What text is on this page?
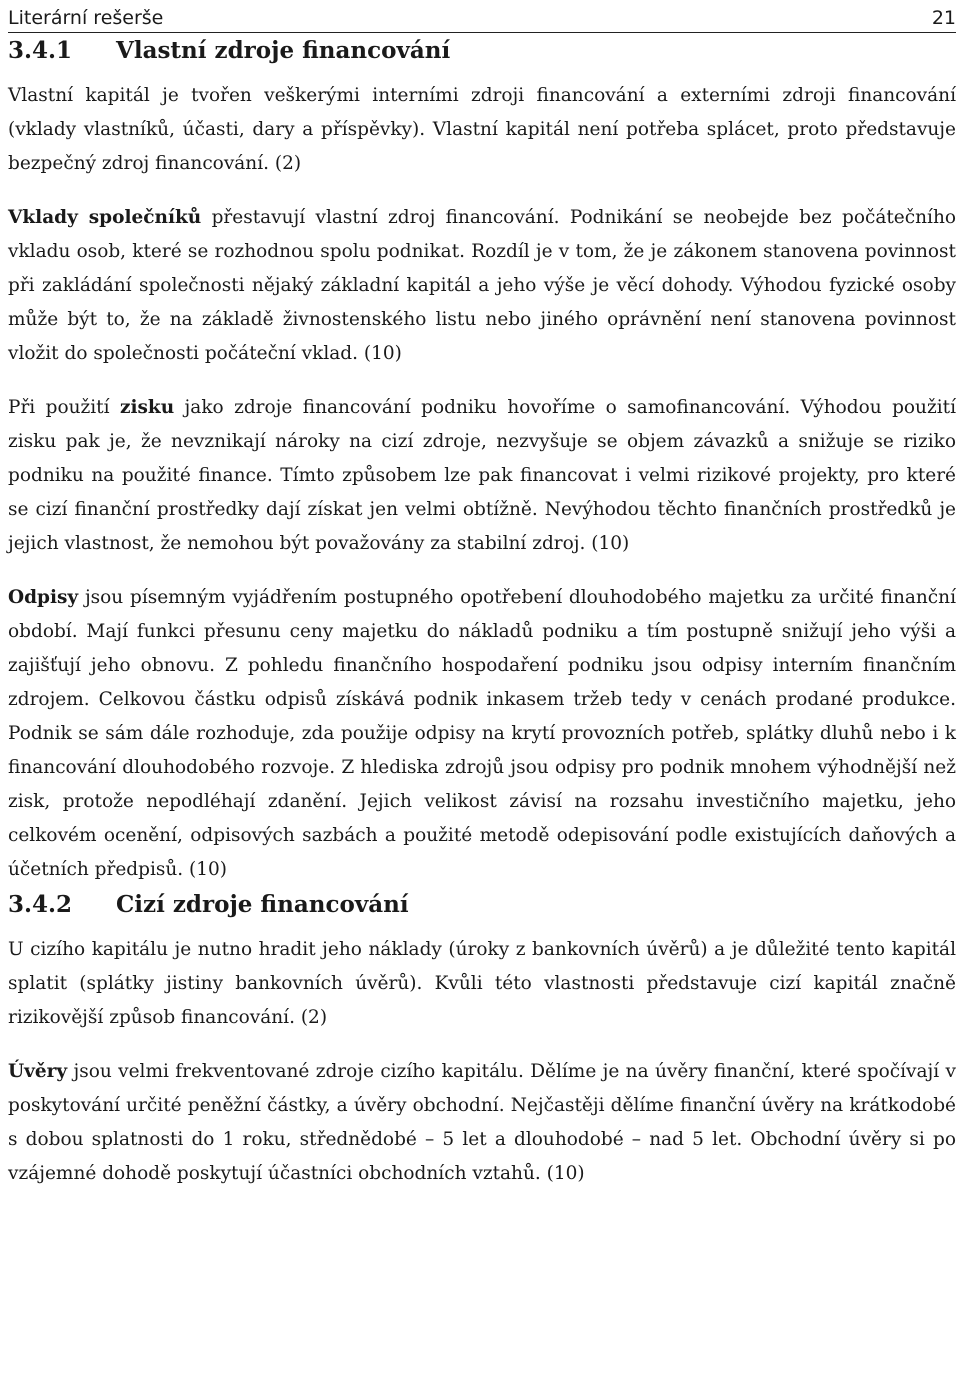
Literární rešerše	21
3.4.1	Vlastní zdroje financování

Vlastní kapitál je tvořen veškerými interními zdroji financování a externími zdroji financování (vklady vlastníků, účasti, dary a příspěvky). Vlastní kapitál není potřeba splácet, proto představuje bezpečný zdroj financování. (2)

Vklady společníků přestavují vlastní zdroj financování. Podnikání se neobejde bez počátečního vkladu osob, které se rozhodnou spolu podnikat. Rozdíl je v tom, že je zákonem stanovena povinnost při zakládání společnosti nějaký základní kapitál a jeho výše je věcí dohody. Výhodou fyzické osoby může být to, že na základě živnostenského listu nebo jiného oprávnění není stanovena povinnost vložit do společnosti počáteční vklad. (10)

Při použití zisku jako zdroje financování podniku hovoříme o samofinancování. Výhodou použití zisku pak je, že nevznikají nároky na cizí zdroje, nezvyšuje se objem závazků a snižuje se riziko podniku na použité finance. Tímto způsobem lze pak financovat i velmi rizikové projekty, pro které se cizí finanční prostředky dají získat jen velmi obtížně. Nevýhodou těchto finančních prostředků je jejich vlastnost, že nemohou být považovány za stabilní zdroj. (10)

Odpisy jsou písemným vyjádřením postupného opotřebení dlouhodobého majetku za určité finanční období. Mají funkci přesunu ceny majetku do nákladů podniku a tím postupně snižují jeho výši a zajišťují jeho obnovu. Z pohledu finančního hospodaření podniku jsou odpisy interním finančním zdrojem. Celkovou částku odpisů získává podnik inkasem tržeb tedy v cenách prodané produkce. Podnik se sám dále rozhoduje, zda použije odpisy na krytí provozních potřeb, splátky dluhů nebo i k financování dlouhodobého rozvoje. Z hlediska zdrojů jsou odpisy pro podnik mnohem výhodnější než zisk, protože nepodléhají zdanění. Jejich velikost závisí na rozsahu investičního majetku, jeho celkovém ocenění, odpisových sazbách a použité metodě odepisování podle existujících daňových a účetních předpisů. (10)

3.4.2	Cizí zdroje financování

U cizího kapitálu je nutno hradit jeho náklady (úroky z bankovních úvěrů) a je důležité tento kapitál splatit (splátky jistiny bankovních úvěrů). Kvůli této vlastnosti představuje cizí kapitál značně rizikovější způsob financování. (2)

Úvěry jsou velmi frekventované zdroje cizího kapitálu. Dělíme je na úvěry finanční, které spočívají v poskytování určité peněžní částky, a úvěry obchodní. Nejčastěji dělíme finanční úvěry na krátkodobé s dobou splatnosti do 1 roku, střednědobé – 5 let a dlouhodobé – nad 5 let. Obchodní úvěry si po vzájemné dohodě poskytují účastníci obchodních vztahů. (10)
